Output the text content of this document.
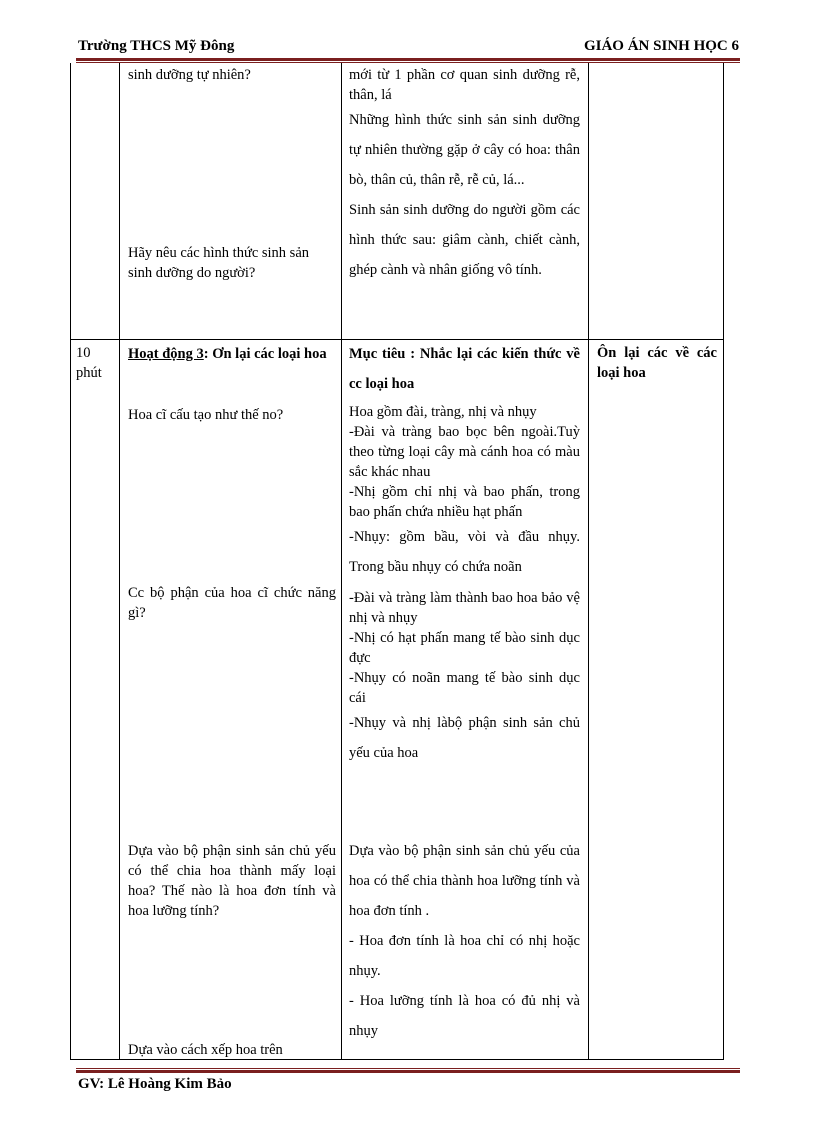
Trường THCS Mỹ Đông	GIÁO ÁN SINH HỌC 6

sinh dưỡng tự nhiên?

Hãy nêu các hình thức sinh sản sinh dưỡng do người?

mới từ 1 phần cơ quan sinh dưỡng rễ, thân, lá

Những hình thức sinh sản sinh dưỡng tự nhiên thường gặp ở cây có hoa: thân bò, thân củ, thân rễ, rễ củ, lá...

Sinh sản sinh dưỡng do người gồm các hình thức sau: giâm cành, chiết cành, ghép cành và nhân giống vô tính.

10 phút

Hoạt động 3: Ơn lại các loại hoa

Hoa cĩ cấu tạo như thế no?

Cc bộ phận của hoa cĩ chức năng gì?

Dựa vào bộ phận sinh sản chủ yếu có thể chia hoa thành mấy loại hoa? Thế nào là hoa đơn tính và hoa lưỡng tính?

Dựa vào cách xếp hoa trên

Mục tiêu : Nhắc lại các kiến thức về cc loại hoa

Hoa gồm đài, tràng, nhị và nhụy

-Đài và tràng bao bọc bên ngoài.Tuỳ theo từng loại cây mà cánh hoa có màu sắc khác nhau

-Nhị gồm chỉ nhị và bao phấn, trong bao phấn chứa nhiều hạt phấn

-Nhụy: gồm bầu, vòi và đầu nhụy. Trong bầu nhụy có chứa noãn

-Đài và tràng làm thành bao hoa bảo vệ nhị và nhụy

-Nhị có hạt phấn mang tế bào sinh dục đực

-Nhụy có noãn mang tế bào sinh dục cái

-Nhụy và nhị làbộ phận sinh sản chủ yếu của hoa

Dựa vào bộ phận sinh sản chủ yếu của hoa có thể chia thành hoa lưỡng tính và hoa đơn tính .

- Hoa đơn tính là hoa chỉ có nhị hoặc nhụy.

- Hoa lưỡng tính là hoa có đủ nhị và nhụy

Ôn lại các về các loại hoa

GV: Lê Hoàng Kim Bảo
